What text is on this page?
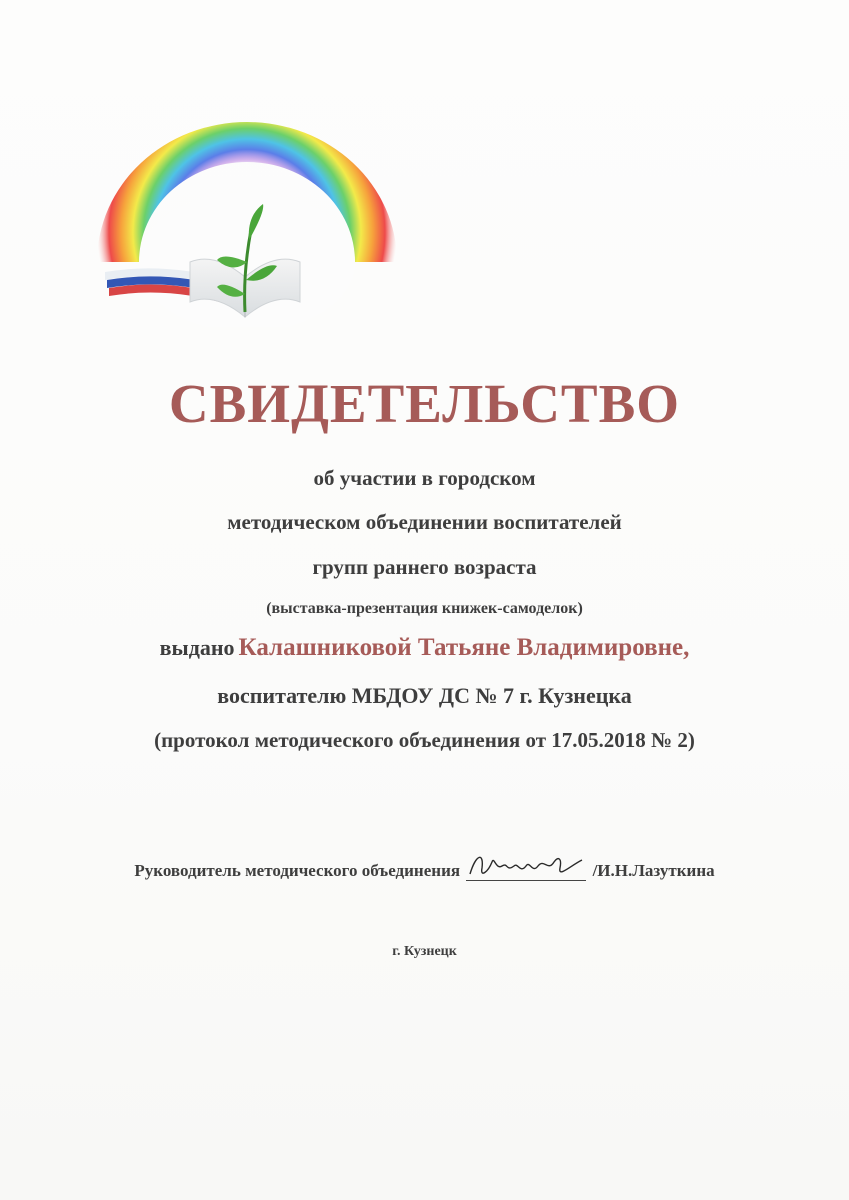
СВИДЕТЕЛЬСТВО
об участии в городском
методическом объединении воспитателей
групп раннего возраста
(выставка-презентация книжек-самоделок)
выдано Калашниковой Татьяне Владимировне,
воспитателю МБДОУ ДС № 7 г. Кузнецка
(протокол методического объединения от 17.05.2018 № 2)
Руководитель методического объединения	/И.Н.Лазуткина
г. Кузнецк
